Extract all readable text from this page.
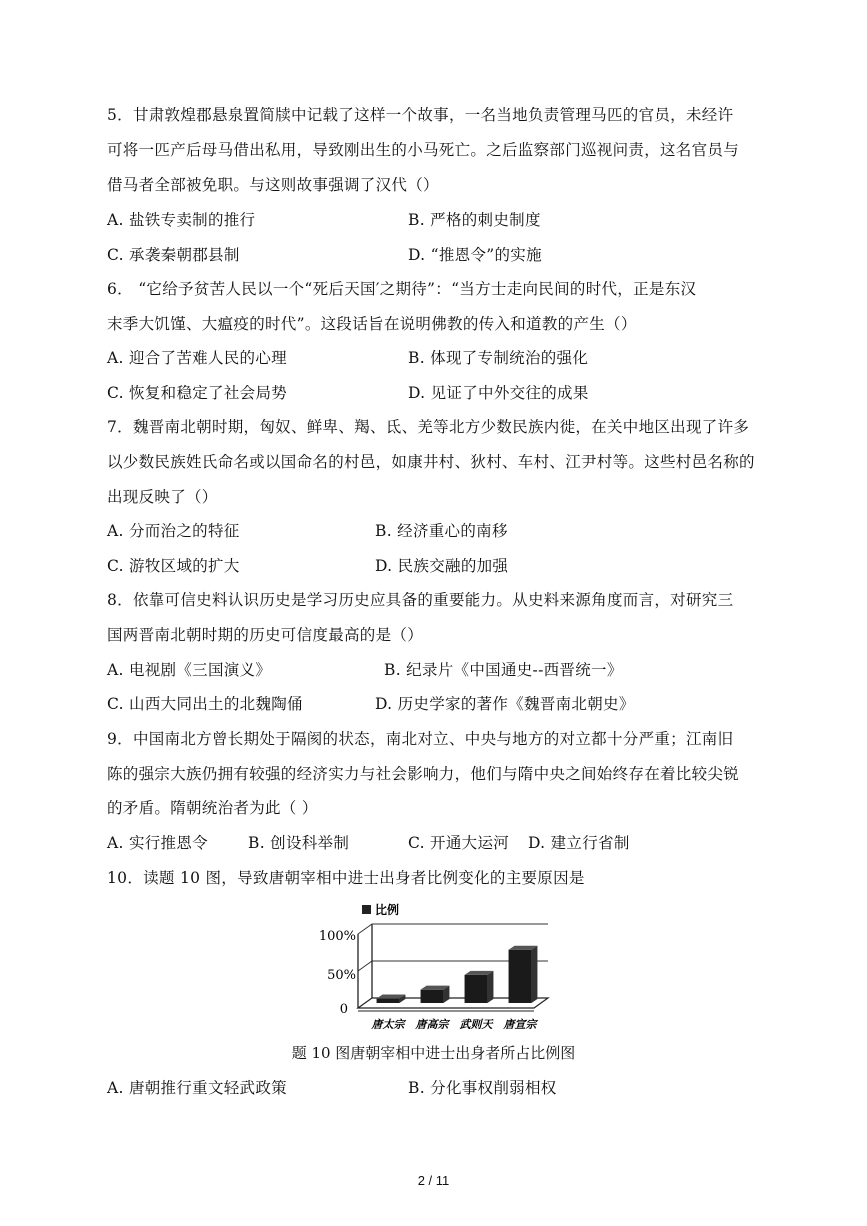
5．甘肃敦煌郡悬泉置简牍中记载了这样一个故事，一名当地负责管理马匹的官员，未经许
可将一匹产后母马借出私用，导致刚出生的小马死亡。之后监察部门巡视问责，这名官员与
借马者全部被免职。与这则故事强调了汉代（）
A. 盐铁专卖制的推行	B. 严格的刺史制度
C. 承袭秦朝郡县制	D. “推恩令”的实施
6． “它给予贫苦人民以一个“死后天国′之期待”：“当方士走向民间的时代，正是东汉
末季大饥馑、大瘟疫的时代”。这段话旨在说明佛教的传入和道教的产生（）
A. 迎合了苦难人民的心理	B. 体现了专制统治的强化
C. 恢复和稳定了社会局势	D. 见证了中外交往的成果
7．魏晋南北朝时期，匈奴、鲜卑、羯、氐、羌等北方少数民族内徙，在关中地区出现了许多
以少数民族姓氏命名或以国命名的村邑，如康井村、狄村、车村、江尹村等。这些村邑名称的
出现反映了（）
A. 分而治之的特征	B. 经济重心的南移
C. 游牧区域的扩大	D. 民族交融的加强
8．依靠可信史料认识历史是学习历史应具备的重要能力。从史料来源角度而言，对研究三
国两晋南北朝时期的历史可信度最高的是（）
A. 电视剧《三国演义》	B. 纪录片《中国通史--西晋统一》
C. 山西大同出土的北魏陶俑	D. 历史学家的著作《魏晋南北朝史》
9．中国南北方曾长期处于隔阂的状态，南北对立、中央与地方的对立都十分严重；江南旧
陈的强宗大族仍拥有较强的经济实力与社会影响力，他们与隋中央之间始终存在着比较尖锐
的矛盾。隋朝统治者为此（ ）
A. 实行推恩令	B. 创设科举制	C. 开通大运河 D. 建立行省制
10．读题 10 图，导致唐朝宰相中进士出身者比例变化的主要原因是
比例
0
50%
100%
唐太宗 唐高宗 武则天 唐宣宗
题 10 图唐朝宰相中进士出身者所占比例图
A. 唐朝推行重文轻武政策	B. 分化事权削弱相权
2 / 11
